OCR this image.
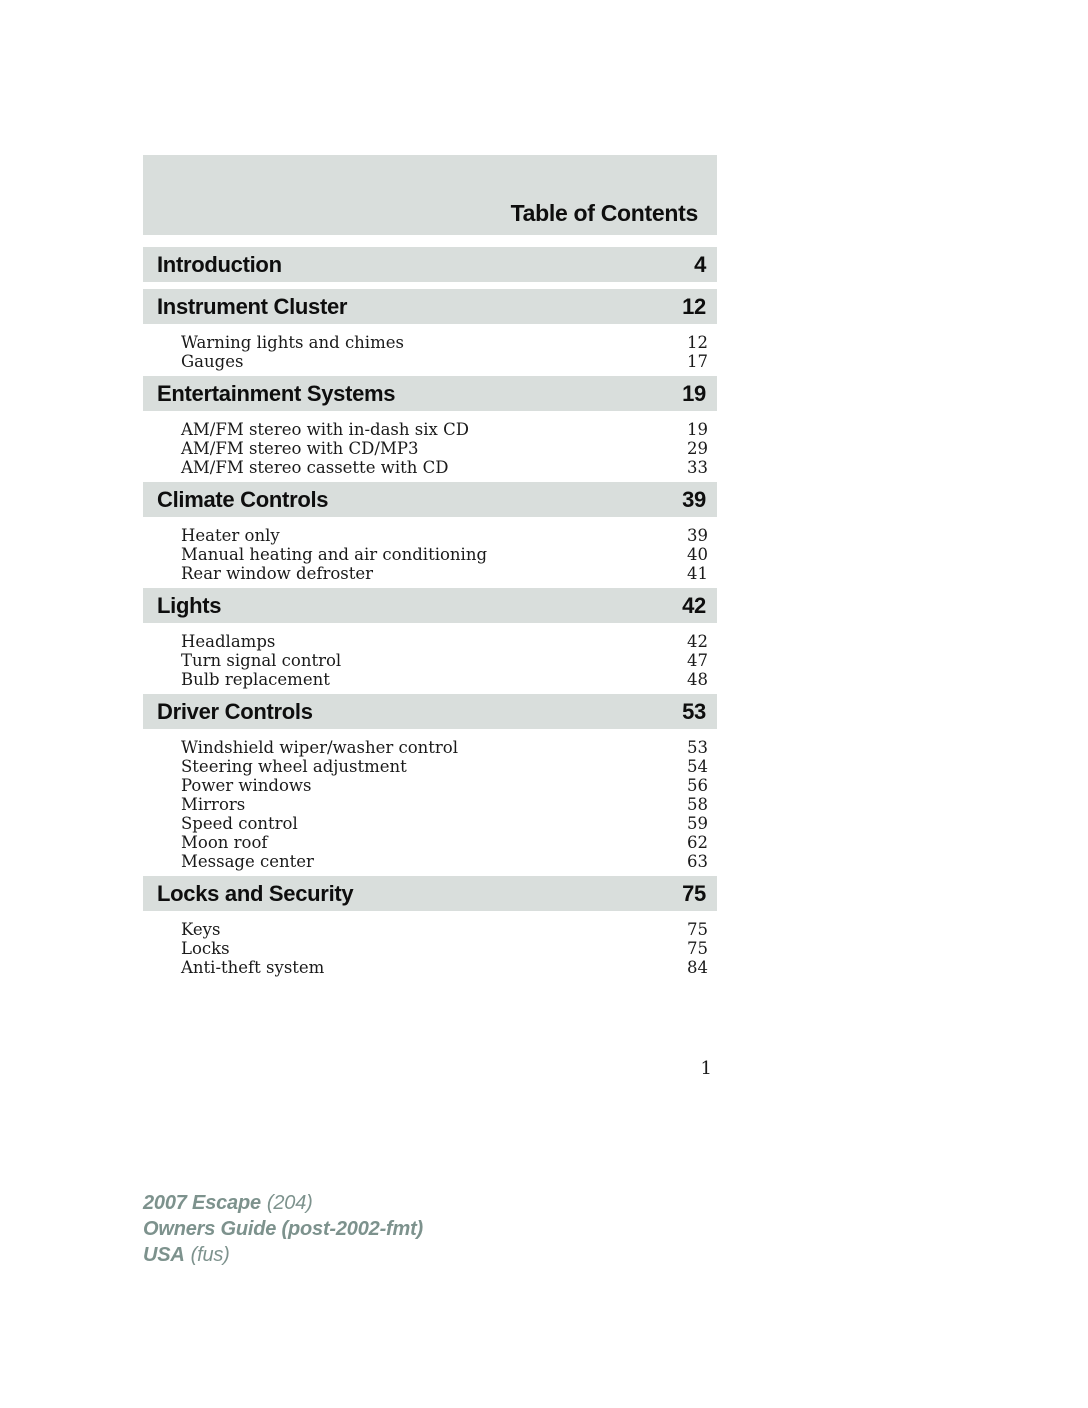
Table of Contents
Introduction	4
Instrument Cluster	12
Warning lights and chimes	12
Gauges	17
Entertainment Systems	19
AM/FM stereo with in-dash six CD	19
AM/FM stereo with CD/MP3	29
AM/FM stereo cassette with CD	33
Climate Controls	39
Heater only	39
Manual heating and air conditioning	40
Rear window defroster	41
Lights	42
Headlamps	42
Turn signal control	47
Bulb replacement	48
Driver Controls	53
Windshield wiper/washer control	53
Steering wheel adjustment	54
Power windows	56
Mirrors	58
Speed control	59
Moon roof	62
Message center	63
Locks and Security	75
Keys	75
Locks	75
Anti-theft system	84
1
2007 Escape (204)
Owners Guide (post-2002-fmt)
USA (fus)
